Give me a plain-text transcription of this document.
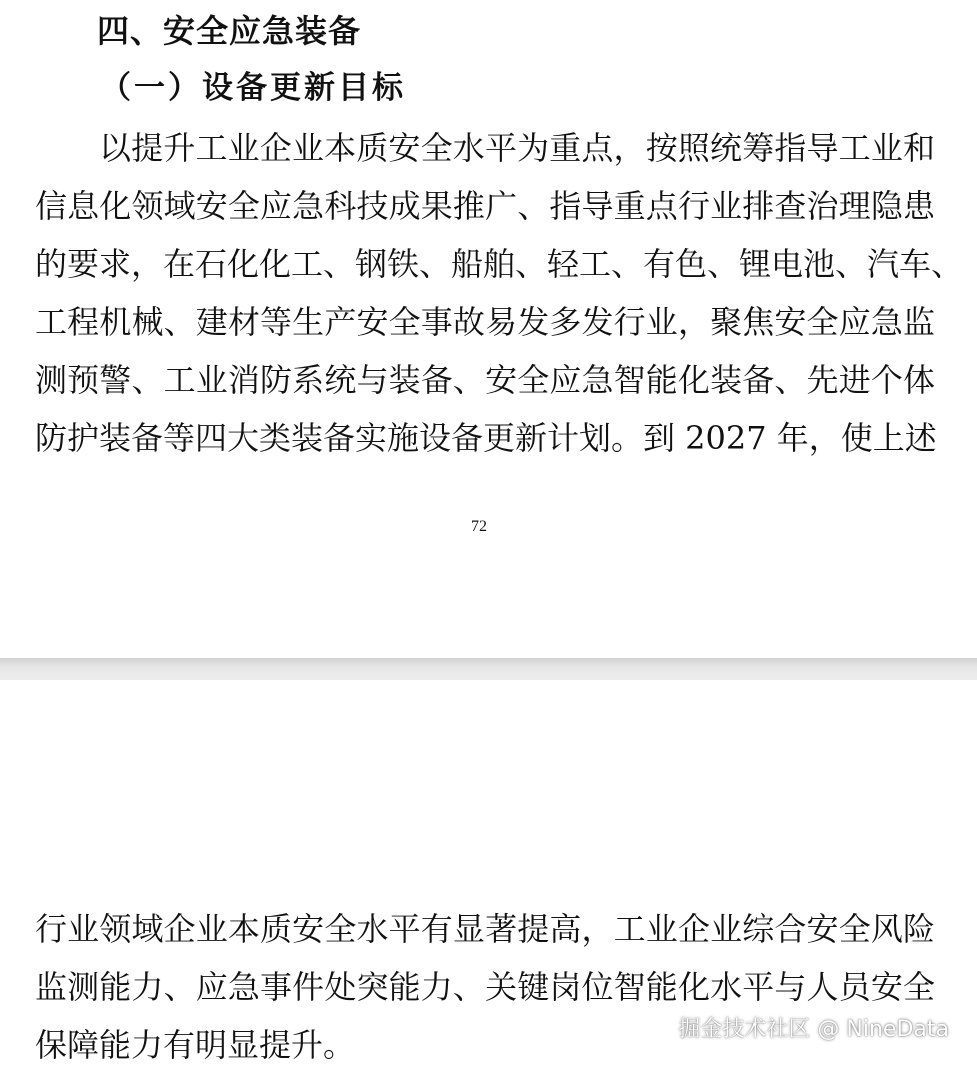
四、安全应急装备
（一）设备更新目标
以提升工业企业本质安全水平为重点，按照统筹指导工业和
信息化领域安全应急科技成果推广、指导重点行业排查治理隐患
的要求，在石化化工、钢铁、船舶、轻工、有色、锂电池、汽车、
工程机械、建材等生产安全事故易发多发行业，聚焦安全应急监
测预警、工业消防系统与装备、安全应急智能化装备、先进个体
防护装备等四大类装备实施设备更新计划。到 2027 年，使上述
72
行业领域企业本质安全水平有显著提高，工业企业综合安全风险
监测能力、应急事件处突能力、关键岗位智能化水平与人员安全
保障能力有明显提升。	掘金技术社区 @ NineData
